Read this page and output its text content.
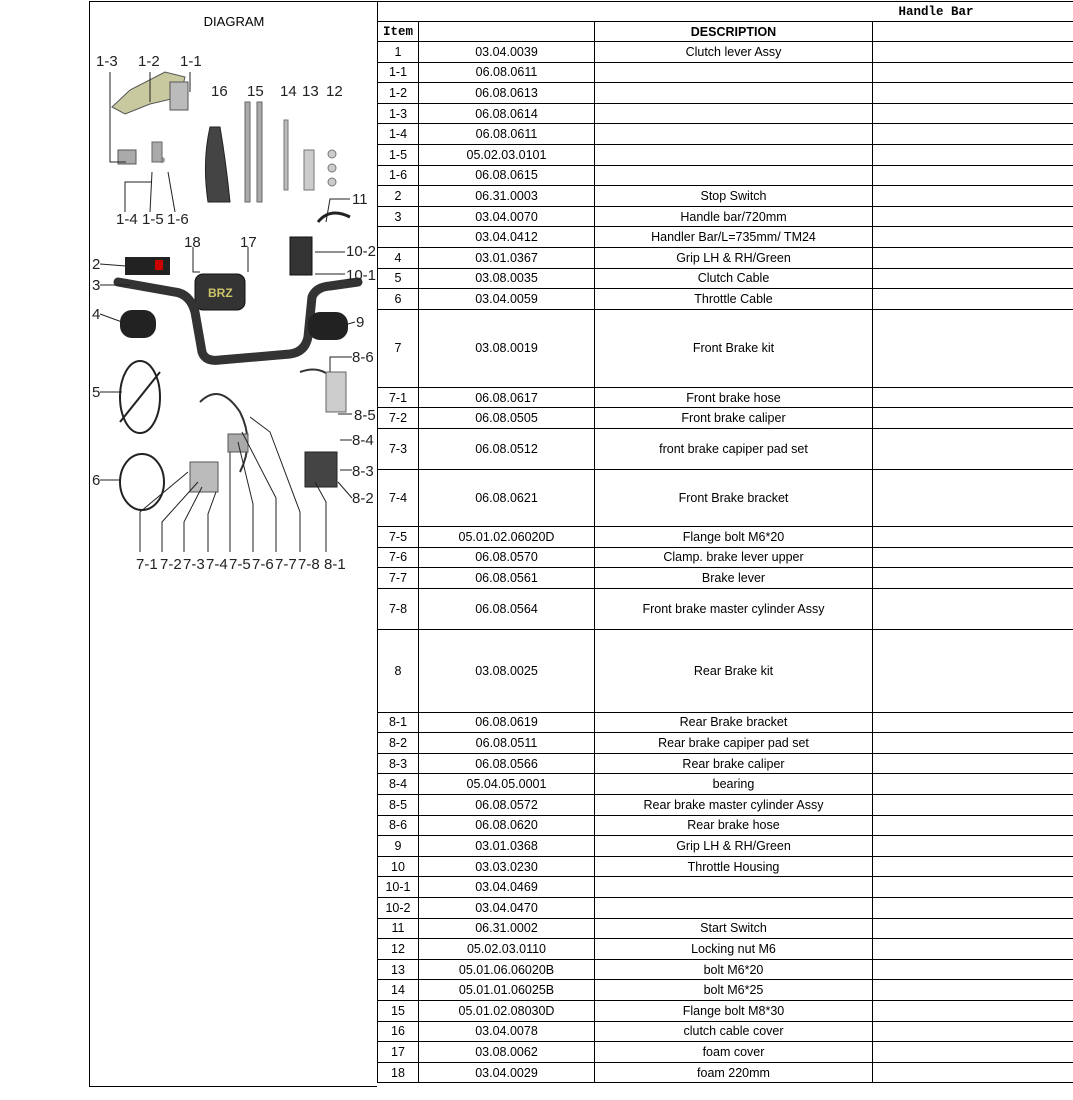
DIAGRAM
BRZ
1-3 1-2 1-1
16 15 14 13 12
1-4 1-5 1-6
11
18	17
10-2
10-1
2
3
4	9
8-6
5
8-5
8-4
6
8-3
8-2
7-1 7-2 7-3 7-4 7-5 7-6 7-7 7-8 8-1
Handle Bar			
Item		DESCRIPTION	
1	03.04.0039	Clutch lever Assy	
1-1	06.08.0611		
1-2	06.08.0613		
1-3	06.08.0614		
1-4	06.08.0611		
1-5	05.02.03.0101		
1-6	06.08.0615		
2	06.31.0003	Stop Switch	
3	03.04.0070	Handle bar/720mm	
	03.04.0412	Handler Bar/L=735mm/ TM24	
4	03.01.0367	Grip LH & RH/Green	
5	03.08.0035	Clutch Cable	
6	03.04.0059	Throttle Cable	
7	03.08.0019	Front Brake kit	
7-1	06.08.0617	Front brake hose	
7-2	06.08.0505	Front brake caliper	
7-3	06.08.0512	front brake capiper pad set	
7-4	06.08.0621	Front Brake bracket	
7-5	05.01.02.06020D	Flange bolt M6*20	
7-6	06.08.0570	Clamp. brake lever upper	
7-7	06.08.0561	Brake lever	
7-8	06.08.0564	Front brake master cylinder Assy	
8	03.08.0025	Rear Brake kit	
8-1	06.08.0619	Rear Brake bracket	
8-2	06.08.0511	Rear brake capiper pad set	
8-3	06.08.0566	Rear brake caliper	
8-4	05.04.05.0001	bearing	
8-5	06.08.0572	Rear brake master cylinder Assy	
8-6	06.08.0620	Rear brake hose	
9	03.01.0368	Grip LH & RH/Green	
10	03.03.0230	Throttle Housing	
10-1	03.04.0469		
10-2	03.04.0470		
11	06.31.0002	Start Switch	
12	05.02.03.0110	Locking nut M6	
13	05.01.06.06020B	bolt M6*20	
14	05.01.01.06025B	bolt M6*25	
15	05.01.02.08030D	Flange bolt M8*30	
16	03.04.0078	clutch cable cover	
17	03.08.0062	foam cover	
18	03.04.0029	foam 220mm	
